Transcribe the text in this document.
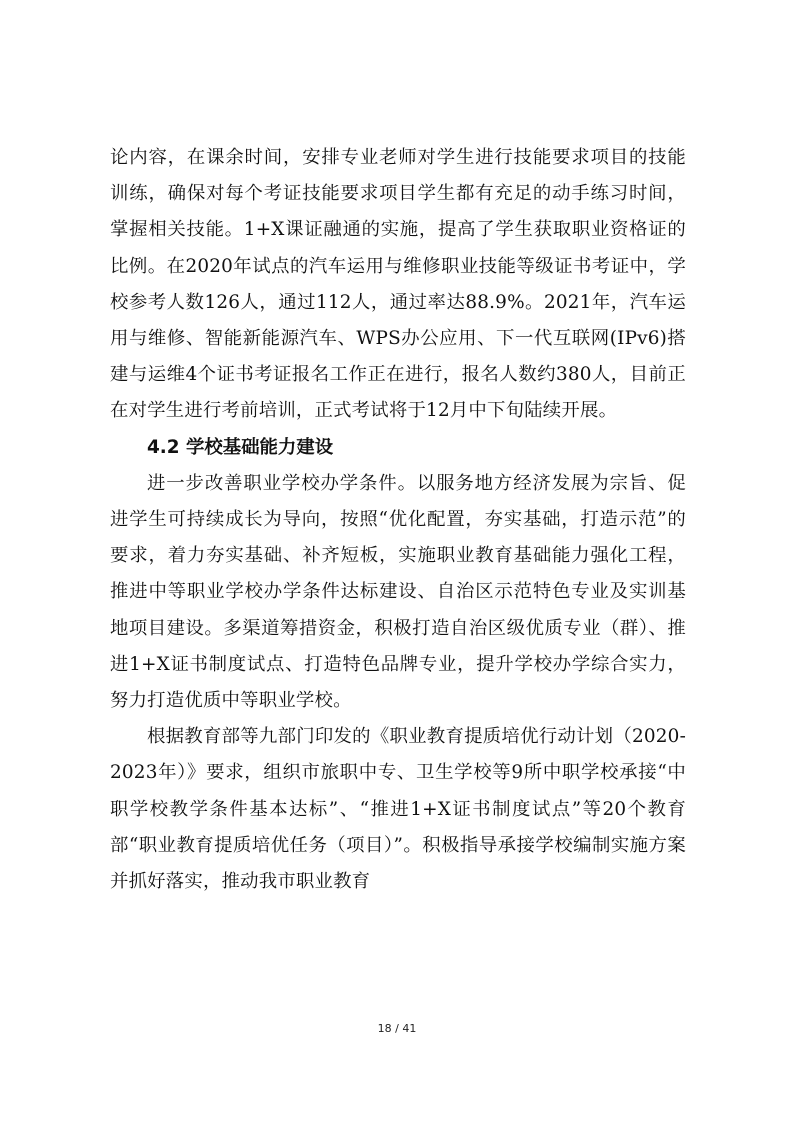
论内容，在课余时间，安排专业老师对学生进行技能要求项目的技能训练，确保对每个考证技能要求项目学生都有充足的动手练习时间，掌握相关技能。1+X课证融通的实施，提高了学生获取职业资格证的比例。在2020年试点的汽车运用与维修职业技能等级证书考证中，学校参考人数126人，通过112人，通过率达88.9%。2021年，汽车运用与维修、智能新能源汽车、WPS办公应用、下一代互联网(IPv6)搭建与运维4个证书考证报名工作正在进行，报名人数约380人，目前正在对学生进行考前培训，正式考试将于12月中下旬陆续开展。

4.2 学校基础能力建设

进一步改善职业学校办学条件。以服务地方经济发展为宗旨、促进学生可持续成长为导向，按照“优化配置，夯实基础，打造示范”的要求，着力夯实基础、补齐短板，实施职业教育基础能力强化工程，推进中等职业学校办学条件达标建设、自治区示范特色专业及实训基地项目建设。多渠道筹措资金，积极打造自治区级优质专业（群）、推进1+X证书制度试点、打造特色品牌专业，提升学校办学综合实力，努力打造优质中等职业学校。

根据教育部等九部门印发的《职业教育提质培优行动计划（2020-2023年）》要求，组织市旅职中专、卫生学校等9所中职学校承接“中职学校教学条件基本达标”、“推进1+X证书制度试点”等20个教育部“职业教育提质培优任务（项目）”。积极指导承接学校编制实施方案并抓好落实，推动我市职业教育

18 / 41
